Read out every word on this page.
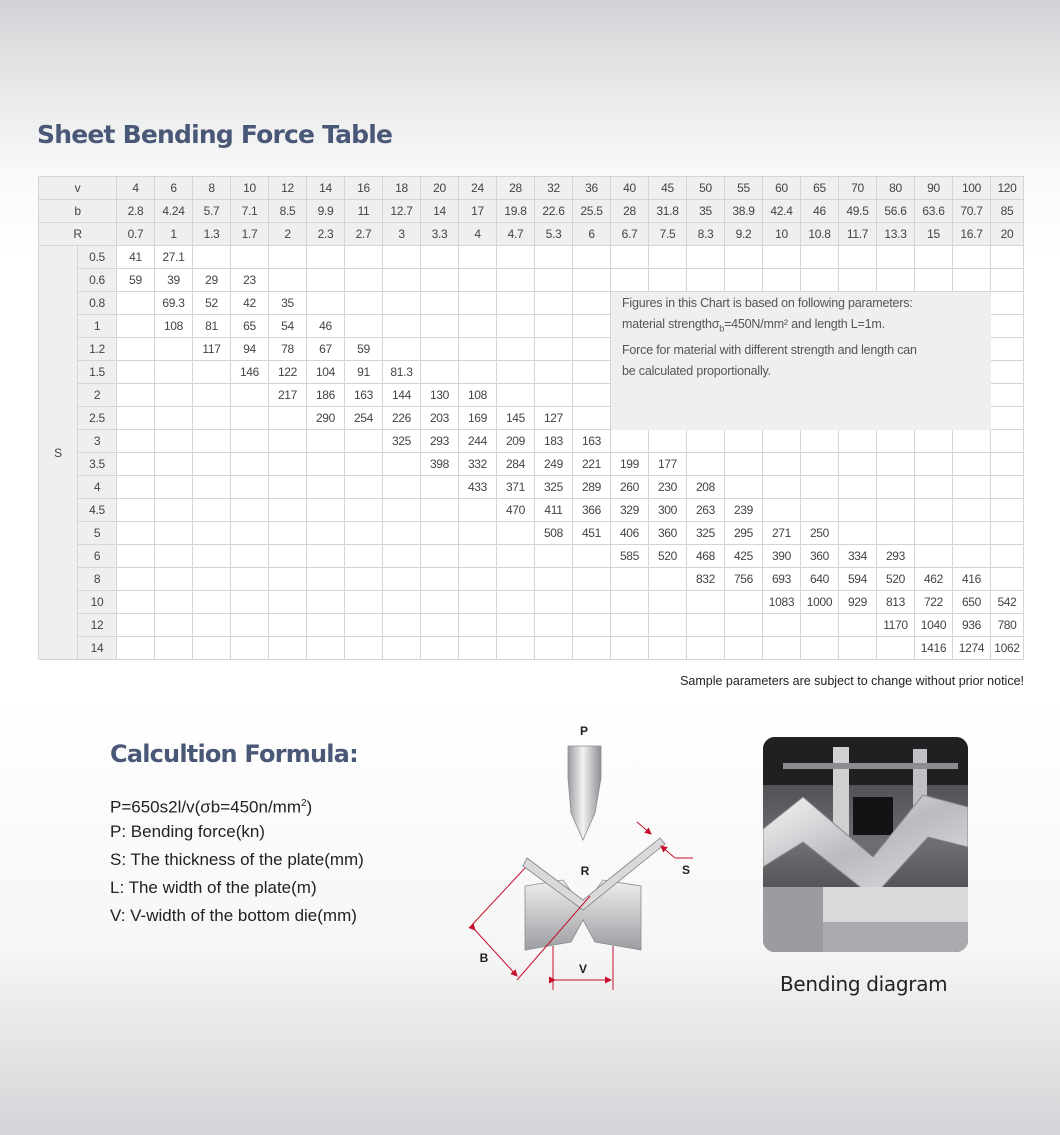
Sheet Bending Force Table
v		4	6	8	10	12	14	16	18	20	24	28	32	36	40	45	50	55	60	65	70	80	90	100	120
b		2.8	4.24	5.7	7.1	8.5	9.9	11	12.7	14	17	19.8	22.6	25.5	28	31.8	35	38.9	42.4	46	49.5	56.6	63.6	70.7	85
R		0.7	1	1.3	1.7	2	2.3	2.7	3	3.3	4	4.7	5.3	6	6.7	7.5	8.3	9.2	10	10.8	11.7	13.3	15	16.7	20
S	0.5	41	27.1																						
	0.6	59	39	29	23																				
	0.8		69.3	52	42	35																			
	1		108	81	65	54	46																		
	1.2			117	94	78	67	59																	
	1.5				146	122	104	91	81.3																
	2					217	186	163	144	130	108														
	2.5						290	254	226	203	169	145	127												
	3								325	293	244	209	183	163											
	3.5									398	332	284	249	221	199	177									
	4										433	371	325	289	260	230	208								
	4.5											470	411	366	329	300	263	239							
	5												508	451	406	360	325	295	271	250					
	6														585	520	468	425	390	360	334	293			
	8																832	756	693	640	594	520	462	416	
	10																		1083	1000	929	813	722	650	542
	12																					1170	1040	936	780
	14																						1416	1274	1062
Figures in this Chart is based on following parameters:
material strengthσ$_b$=450N/mm² and length L=1m.
Force for material with different strength and length can
be calculated proportionally.
Sample parameters are subject to change without prior notice!
Calcultion Formula:
$P=650s2l/v(\sigma b=450n/mm^2)$
P: Bending force(kn)
S: The thickness of the plate(mm)
L: The width of the plate(m)
V: V-width of the bottom die(mm)
P
R	S
B
V
Bending diagram
